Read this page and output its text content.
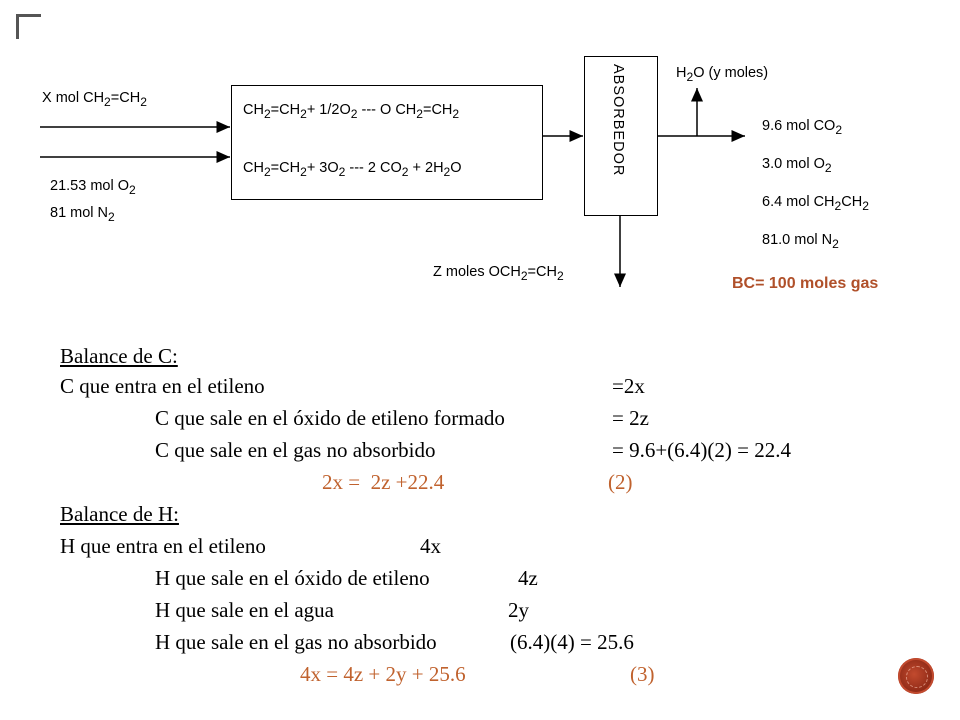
X mol $CH_2=CH_2$
21.53 mol $O_2$
81 mol $N_2$
$CH_2=CH_2+ 1/2O_2$ --- O $CH_2=CH_2$
$CH_2=CH_2+ 3O_2$ --- 2 $CO_2 + 2H_2O$	ABSORBEDOR	$H_2O$ (y moles)
9.6 mol $CO_2$
3.0 mol $O_2$
6.4 mol $CH_2CH_2$
81.0 mol $N_2$
Z moles $OCH_2=CH_2$	BC= 100 moles gas
Balance de C:
C que entra en el etileno	=2x
C que sale en el óxido de etileno formado	= 2z
C que sale en el gas no absorbido	= 9.6+(6.4)(2) = 22.4
2x =  2z +22.4	(2)
Balance de H:
H que entra en el etileno	4x
H que sale en el óxido de etileno	4z
H que sale en el agua	2y
H que sale en el gas no absorbido	(6.4)(4) = 25.6
4x = 4z + 2y + 25.6	(3)
